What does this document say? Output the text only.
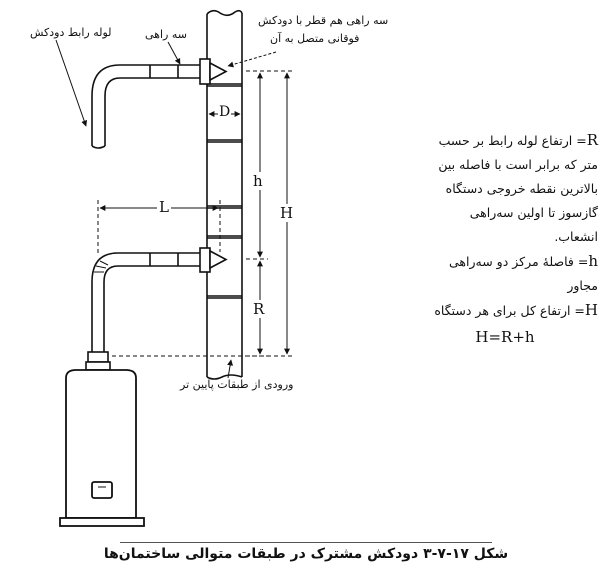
لوله رابط دودکش	سه راهی
سه راهی هم قطر با دودکش
فوقانی متصل به آن
ورودی از طبقات پایین تر
D
h
H
L
R
R= ارتفاع لوله رابط بر حسب
متر که برابر است با فاصله بین
بالاترین نقطه خروجی دستگاه
گازسوز تا اولین سه‌راهی
انشعاب.
h= فاصلهٔ مرکز دو سه‌راهی
مجاور
H= ارتفاع کل برای هر دستگاه
H=R+h
شکل ۱۷-۷-۳ دودکش مشترک در طبقات متوالی ساختمان‌ها
